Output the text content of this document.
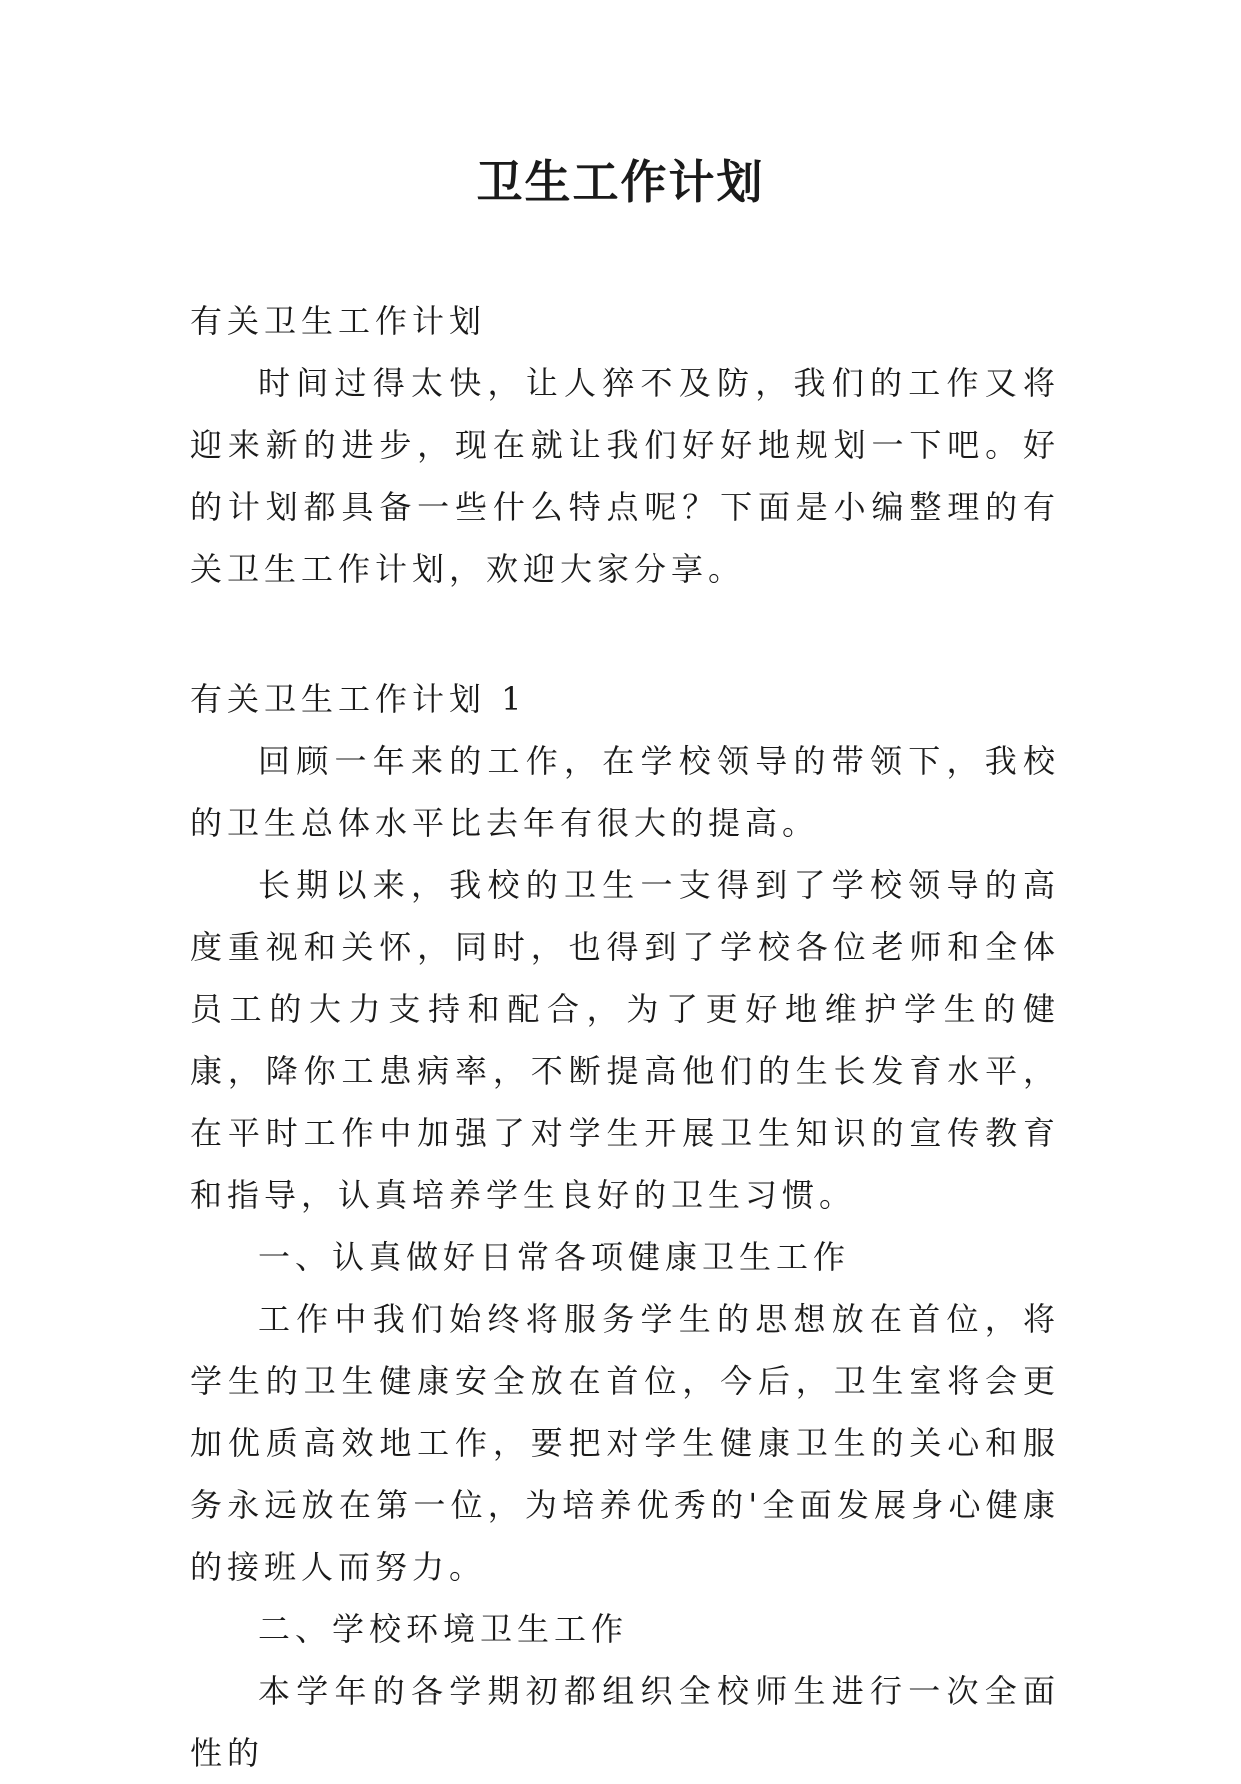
卫生工作计划

有关卫生工作计划

时间过得太快，让人猝不及防，我们的工作又将迎来新的进步，现在就让我们好好地规划一下吧。好的计划都具备一些什么特点呢？下面是小编整理的有关卫生工作计划，欢迎大家分享。

有关卫生工作计划 1

回顾一年来的工作，在学校领导的带领下，我校的卫生总体水平比去年有很大的提高。

长期以来，我校的卫生一支得到了学校领导的高度重视和关怀，同时，也得到了学校各位老师和全体员工的大力支持和配合，为了更好地维护学生的健康，降你工患病率，不断提高他们的生长发育水平，在平时工作中加强了对学生开展卫生知识的宣传教育和指导，认真培养学生良好的卫生习惯。

一、认真做好日常各项健康卫生工作

工作中我们始终将服务学生的思想放在首位，将学生的卫生健康安全放在首位，今后，卫生室将会更加优质高效地工作，要把对学生健康卫生的关心和服务永远放在第一位，为培养优秀的'全面发展身心健康的接班人而努力。

二、学校环境卫生工作

本学年的各学期初都组织全校师生进行一次全面性的
